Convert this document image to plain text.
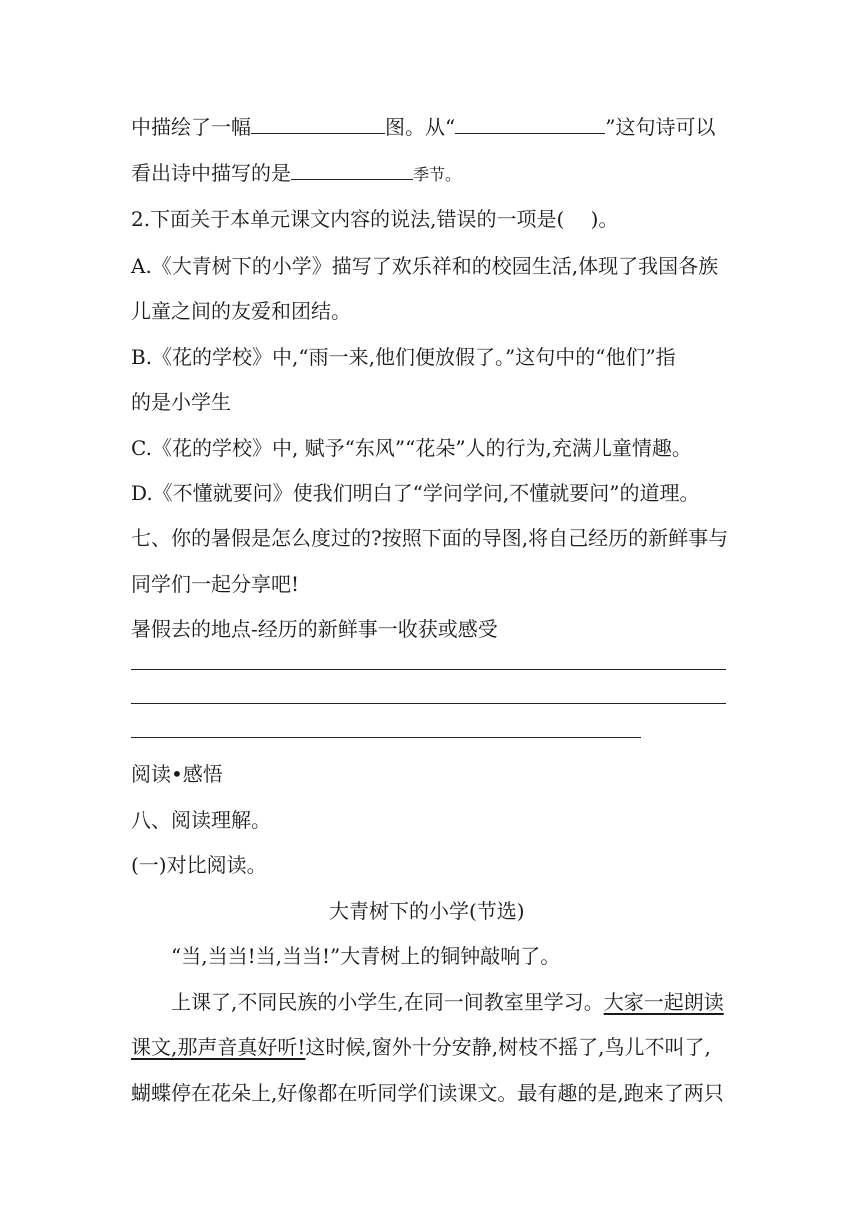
中描绘了一幅	图。从“	”这句诗可以
看出诗中描写的是	季节。
2.下面关于本单元课文内容的说法,错误的一项是(　 )。
A.《大青树下的小学》描写了欢乐祥和的校园生活,体现了我国各族
儿童之间的友爱和团结。
B.《花的学校》中,“雨一来,他们便放假了。”这句中的“他们”指
的是小学生
C.《花的学校》中, 赋予“东风”“花朵”人的行为,充满儿童情趣。
D.《不懂就要问》使我们明白了“学问学问,不懂就要问”的道理。
七、你的暑假是怎么度过的?按照下面的导图,将自己经历的新鲜事与
同学们一起分享吧!
暑假去的地点-经历的新鲜事一收获或感受
阅读•感悟
八、阅读理解。
(一)对比阅读。
大青树下的小学(节选)
“当,当当!当,当当!”大青树上的铜钟敲响了。
上课了,不同民族的小学生,在同一间教室里学习。大家一起朗读
课文,那声音真好听!这时候,窗外十分安静,树枝不摇了,鸟儿不叫了,
蝴蝶停在花朵上,好像都在听同学们读课文。最有趣的是,跑来了两只
